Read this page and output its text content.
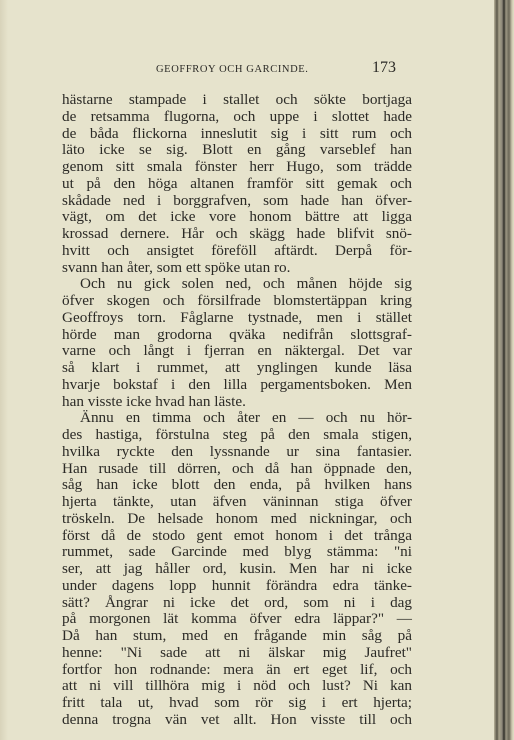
GEOFFROY OCH GARCINDE.	173
hästarne stampade i stallet och sökte bortjaga
de retsamma flugorna, och uppe i slottet hade
de båda flickorna inneslutit sig i sitt rum och
läto icke se sig. Blott en gång varseblef han
genom sitt smala fönster herr Hugo, som trädde
ut på den höga altanen framför sitt gemak och
skådade ned i borggrafven, som hade han öfver-
vägt, om det icke vore honom bättre att ligga
krossad dernere. Hår och skägg hade blifvit snö-
hvitt och ansigtet föreföll aftärdt. Derpå för-
svann han åter, som ett spöke utan ro.
Och nu gick solen ned, och månen höjde sig
öfver skogen och försilfrade blomstertäppan kring
Geoffroys torn. Fåglarne tystnade, men i stället
hörde man grodorna qväka nedifrån slottsgraf-
varne och långt i fjerran en näktergal. Det var
så klart i rummet, att ynglingen kunde läsa
hvarje bokstaf i den lilla pergamentsboken. Men
han visste icke hvad han läste.
Ännu en timma och åter en — och nu hör-
des hastiga, förstulna steg på den smala stigen,
hvilka ryckte den lyssnande ur sina fantasier.
Han rusade till dörren, och då han öppnade den,
såg han icke blott den enda, på hvilken hans
hjerta tänkte, utan äfven väninnan stiga öfver
tröskeln. De helsade honom med nickningar, och
först då de stodo gent emot honom i det trånga
rummet, sade Garcinde med blyg stämma: "ni
ser, att jag håller ord, kusin. Men har ni icke
under dagens lopp hunnit förändra edra tänke-
sätt? Ångrar ni icke det ord, som ni i dag
på morgonen lät komma öfver edra läppar?" —
Då han stum, med en frågande min såg på
henne: "Ni sade att ni älskar mig Jaufret"
fortfor hon rodnande: mera än ert eget lif, och
att ni vill tillhöra mig i nöd och lust? Ni kan
fritt tala ut, hvad som rör sig i ert hjerta;
denna trogna vän vet allt. Hon visste till och
